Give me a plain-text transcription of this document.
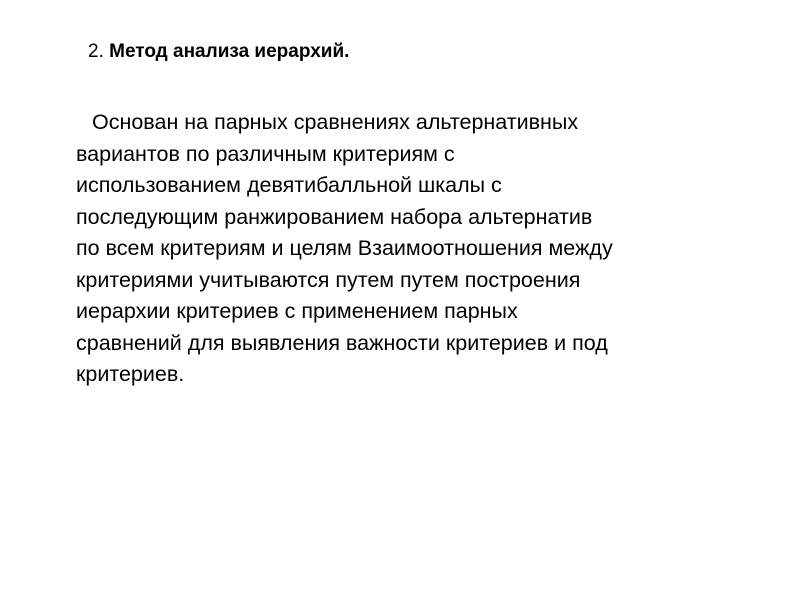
2. Метод анализа иерархий.
Основан на парных сравнениях альтернативных
вариантов по различным критериям с
использованием девятибалльной шкалы с
последующим ранжированием набора альтернатив
по всем критериям и целям Взаимоотношения между
критериями учитываются путем путем построения
иерархии критериев с применением парных
сравнений для выявления важности критериев и под
критериев.
